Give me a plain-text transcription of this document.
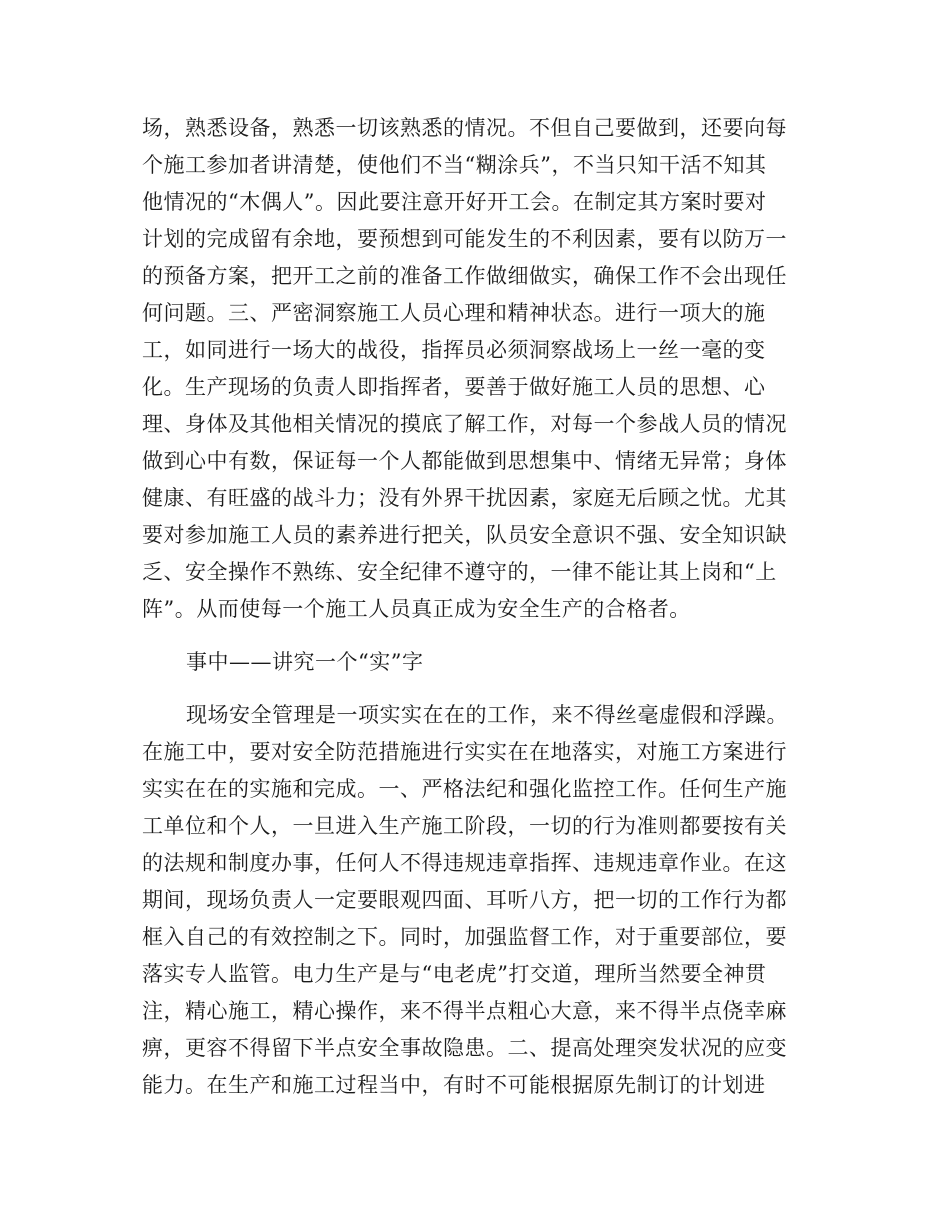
场，熟悉设备，熟悉一切该熟悉的情况。不但自己要做到，还要向每
个施工参加者讲清楚，使他们不当“糊涂兵”，不当只知干活不知其
他情况的“木偶人”。因此要注意开好开工会。在制定其方案时要对
计划的完成留有余地，要预想到可能发生的不利因素，要有以防万一
的预备方案，把开工之前的准备工作做细做实，确保工作不会出现任
何问题。三、严密洞察施工人员心理和精神状态。进行一项大的施
工，如同进行一场大的战役，指挥员必须洞察战场上一丝一毫的变
化。生产现场的负责人即指挥者，要善于做好施工人员的思想、心
理、身体及其他相关情况的摸底了解工作，对每一个参战人员的情况
做到心中有数，保证每一个人都能做到思想集中、情绪无异常；身体
健康、有旺盛的战斗力；没有外界干扰因素，家庭无后顾之忧。尤其
要对参加施工人员的素养进行把关，队员安全意识不强、安全知识缺
乏、安全操作不熟练、安全纪律不遵守的，一律不能让其上岗和“上
阵”。从而使每一个施工人员真正成为安全生产的合格者。
事中——讲究一个“实”字
现场安全管理是一项实实在在的工作，来不得丝毫虚假和浮躁。
在施工中，要对安全防范措施进行实实在在地落实，对施工方案进行
实实在在的实施和完成。一、严格法纪和强化监控工作。任何生产施
工单位和个人，一旦进入生产施工阶段，一切的行为准则都要按有关
的法规和制度办事，任何人不得违规违章指挥、违规违章作业。在这
期间，现场负责人一定要眼观四面、耳听八方，把一切的工作行为都
框入自己的有效控制之下。同时，加强监督工作，对于重要部位，要
落实专人监管。电力生产是与“电老虎”打交道，理所当然要全神贯
注，精心施工，精心操作，来不得半点粗心大意，来不得半点侥幸麻
痹，更容不得留下半点安全事故隐患。二、提高处理突发状况的应变
能力。在生产和施工过程当中，有时不可能根据原先制订的计划进
